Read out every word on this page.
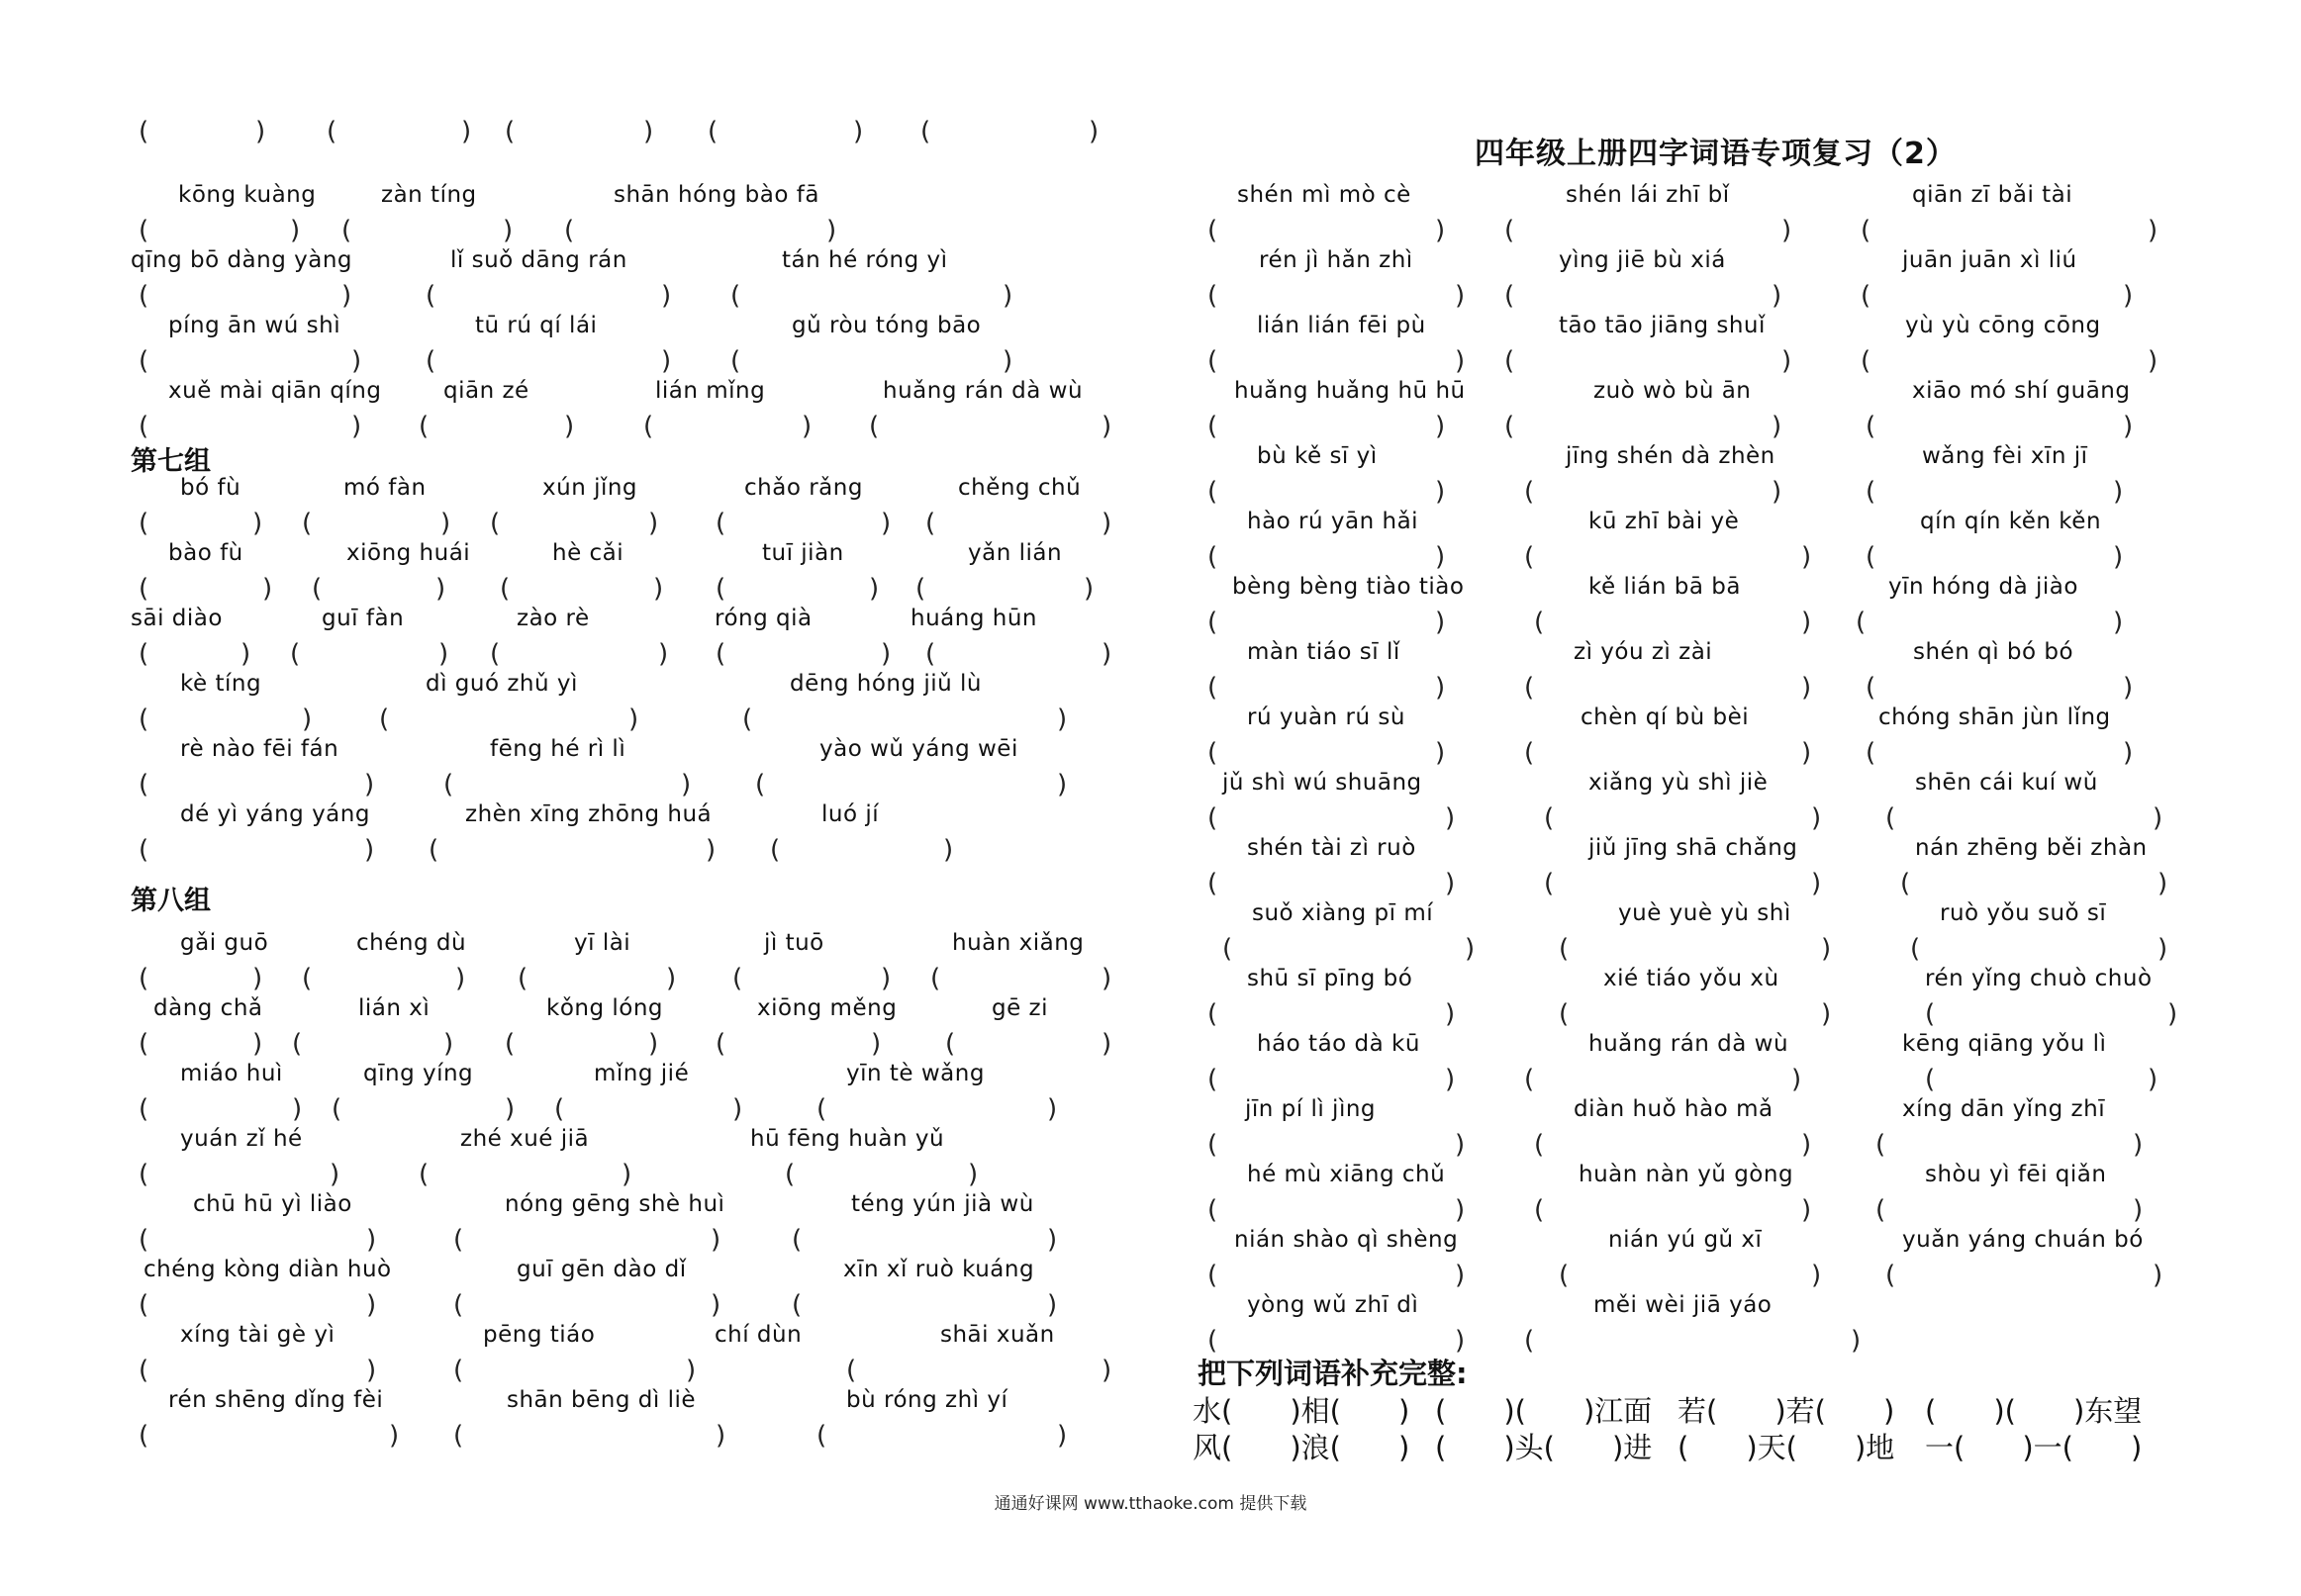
(	) (	) (	) (	) (	)
kōng kuàng	zàn tíng	shān hóng bào fā
(	) (	) (	)
qīng bō dàng yàng	lǐ suǒ dāng rán	tán hé róng yì
(	)	(	) (	)
píng ān wú shì	tū rú qí lái	gǔ ròu tóng bāo
(	) (	) (	)
xuě mài qiān qíng	qiān zé	lián mǐng	huǎng rán dà wù
(	) (	)	(	) (	)
bó fù	mó fàn	xún jǐng	chǎo rǎng	chěng chǔ
(	) (	) (	) (	) (	)
bào fù	xiōng huái	hè cǎi	tuī jiàn	yǎn lián
(	) (	) (	) (	) (	)
sāi diào	guī fàn	zào rè	róng qià	huáng hūn
(	) (	) (	) (	) (	)
kè tíng	dì guó zhǔ yì	dēng hóng jiǔ lù
(	)	(	)	(	)
rè nào fēi fán	fēng hé rì lì	yào wǔ yáng wēi
(	)	(	) (	)
dé yì yáng yáng	zhèn xīng zhōng huá	luó jí
(	) (	) (	)
gǎi guō	chéng dù	yī lài	jì tuō	huàn xiǎng
(	) (	) (	) (	) (	)
dàng chǎ	lián xì	kǒng lóng	xiōng měng	gē zi
(	) (	) (	) (	) (	)
miáo huì	qīng yíng	mǐng jié	yīn tè wǎng
(	) (	) (	)	(	)
yuán zǐ hé	zhé xué jiā	hū fēng huàn yǔ
(	)	(	)	(	)
chū hū yì liào	nóng gēng shè huì	téng yún jià wù
(	)	(	)	(	)
chéng kòng diàn huò	guī gēn dào dǐ	xīn xǐ ruò kuáng
(	)	(	)	(	)
xíng tài gè yì	pēng tiáo	chí dùn	shāi xuǎn
(	)	(	)	(	)
rén shēng dǐng fèi	shān bēng dì liè	bù róng zhì yí
(	) (	)	(	)
shén mì mò cè	shén lái zhī bǐ	qiān zī bǎi tài
(	) (	)	(	)
rén jì hǎn zhì	yìng jiē bù xiá	juān juān xì liú
(	) (	)	(	)
lián lián fēi pù	tāo tāo jiāng shuǐ	yù yù cōng cōng
(	) (	)	(	)
huǎng huǎng hū hū	zuò wò bù ān	xiāo mó shí guāng
(	) (	)	(	)
bù kě sī yì	jīng shén dà zhèn	wǎng fèi xīn jī
(	)	(	)	(	)
hào rú yān hǎi	kū zhī bài yè	qín qín kěn kěn
(	)	(	) (	)
bèng bèng tiào tiào	kě lián bā bā	yīn hóng dà jiào
(	)	(	) (	)
màn tiáo sī lǐ	zì yóu zì zài	shén qì bó bó
(	)	(	) (	)
rú yuàn rú sù	chèn qí bù bèi	chóng shān jùn lǐng
(	)	(	) (	)
jǔ shì wú shuāng	xiǎng yù shì jiè	shēn cái kuí wǔ
(	)	(	) (	)
shén tài zì ruò	jiǔ jīng shā chǎng	nán zhēng běi zhàn
(	)	(	)	(	)
suǒ xiàng pī mí	yuè yuè yù shì	ruò yǒu suǒ sī
(	)	(	)	(	)
shū sī pīng bó	xié tiáo yǒu xù	rén yǐng chuò chuò
(	)	(	)	(	)
háo táo dà kū	huǎng rán dà wù	kēng qiāng yǒu lì
(	)	(	)	(	)
jīn pí lì jìng	diàn huǒ hào mǎ	xíng dān yǐng zhī
(	)	(	) (	)
hé mù xiāng chǔ	huàn nàn yǔ gòng	shòu yì fēi qiǎn
(	)	(	) (	)
nián shào qì shèng	nián yú gǔ xī	yuǎn yáng chuán bó
(	)	(	) (	)
yòng wǔ zhī dì	měi wèi jiā yáo
(	) (	)
四年级上册四字词语专项复习（2）
第七组
第八组
把下列词语补充完整:
水(　　)相(　　) (　　)(　　)江面 若(　　)若(　　) (　　)(　　)东望
风(　　)浪(　　) (　　)头(　　)进 (　　)天(　　)地 一(　　)一(　　)
通通好课网 www.tthaoke.com 提供下载
